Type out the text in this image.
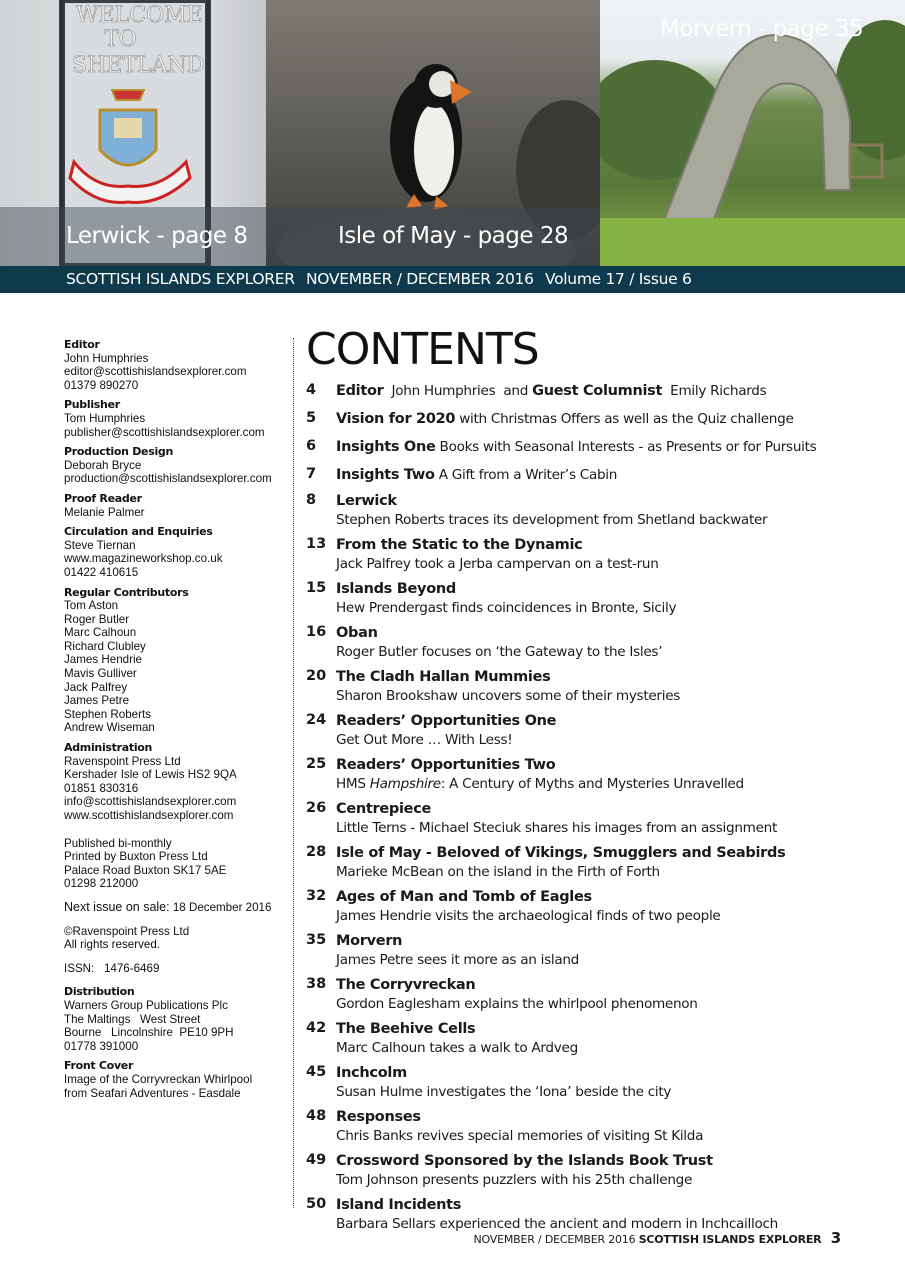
WELCOME
TO
SHETLAND
Lerwick - page 8	Isle of May - page 28
Morvern - page 35
SCOTTISH ISLANDS EXPLORER NOVEMBER / DECEMBER 2016 Volume 17 / Issue 6
Editor
John Humphries
editor@scottishislandsexplorer.com
01379 890270
Publisher
Tom Humphries
publisher@scottishislandsexplorer.com
Production Design
Deborah Bryce
production@scottishislandsexplorer.com
Proof Reader
Melanie Palmer
Circulation and Enquiries
Steve Tiernan
www.magazineworkshop.co.uk
01422 410615
Regular Contributors
Tom Aston
Roger Butler
Marc Calhoun
Richard Clubley
James Hendrie
Mavis Gulliver
Jack Palfrey
James Petre
Stephen Roberts
Andrew Wiseman
Administration
Ravenspoint Press Ltd
Kershader Isle of Lewis HS2 9QA
01851 830316
info@scottishislandsexplorer.com
www.scottishislandsexplorer.com
Published bi-monthly
Printed by Buxton Press Ltd
Palace Road Buxton SK17 5AE
01298 212000
Next issue on sale: 18 December 2016
©Ravenspoint Press Ltd
All rights reserved.
ISSN:   1476-6469
Distribution
Warners Group Publications Plc
The Maltings   West Street
Bourne   Lincolnshire  PE10 9PH
01778 391000
Front Cover
Image of the Corryvreckan Whirlpool
from Seafari Adventures - Easdale
CONTENTS
4 Editor  John Humphries  and Guest Columnist  Emily Richards
5 Vision for 2020 with Christmas Offers as well as the Quiz challenge
6 Insights One Books with Seasonal Interests - as Presents or for Pursuits
7 Insights Two A Gift from a Writer’s Cabin
8 Lerwick
Stephen Roberts traces its development from Shetland backwater
13 From the Static to the Dynamic
Jack Palfrey took a Jerba campervan on a test-run
15 Islands Beyond
Hew Prendergast finds coincidences in Bronte, Sicily
16 Oban
Roger Butler focuses on ‘the Gateway to the Isles’
20 The Cladh Hallan Mummies
Sharon Brookshaw uncovers some of their mysteries
24 Readers’ Opportunities One
Get Out More … With Less!
25 Readers’ Opportunities Two
HMS Hampshire: A Century of Myths and Mysteries Unravelled
26 Centrepiece
Little Terns - Michael Steciuk shares his images from an assignment
28 Isle of May - Beloved of Vikings, Smugglers and Seabirds
Marieke McBean on the island in the Firth of Forth
32 Ages of Man and Tomb of Eagles
James Hendrie visits the archaeological finds of two people
35 Morvern
James Petre sees it more as an island
38 The Corryvreckan
Gordon Eaglesham explains the whirlpool phenomenon
42 The Beehive Cells
Marc Calhoun takes a walk to Ardveg
45 Inchcolm
Susan Hulme investigates the ‘Iona’ beside the city
48 Responses
Chris Banks revives special memories of visiting St Kilda
49 Crossword Sponsored by the Islands Book Trust
Tom Johnson presents puzzlers with his 25th challenge
50 Island Incidents
Barbara Sellars experienced the ancient and modern in Inchcailloch
NOVEMBER / DECEMBER 2016 SCOTTISH ISLANDS EXPLORER 3
